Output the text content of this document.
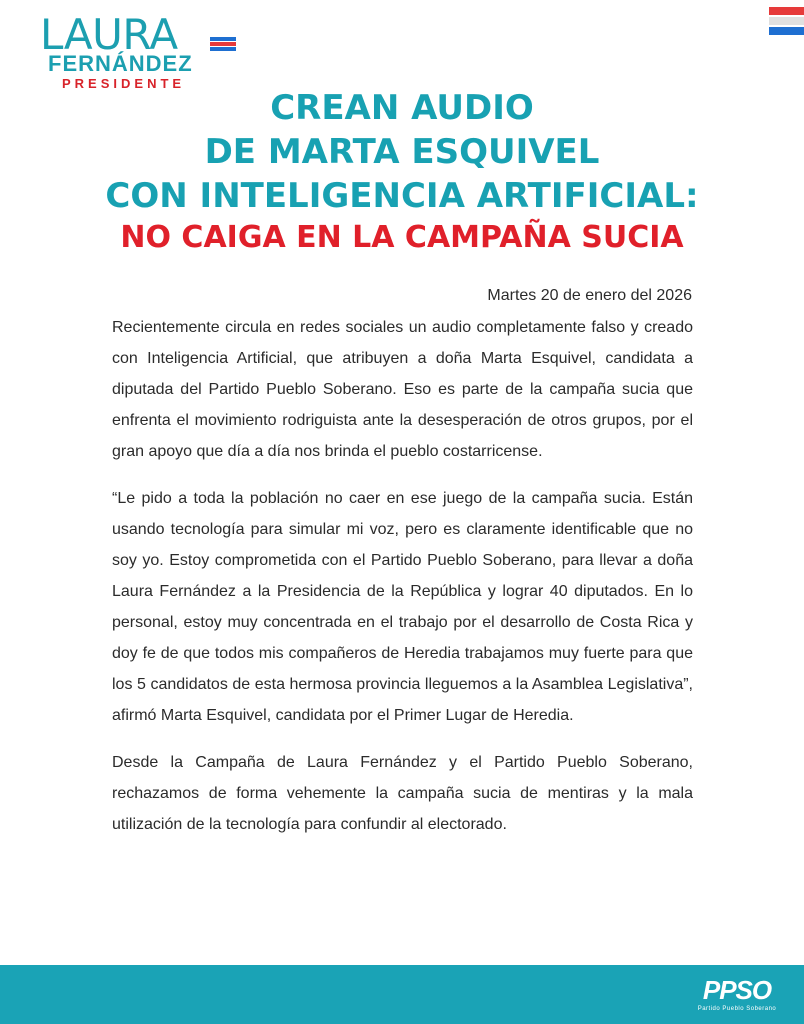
LAURA
FERNÁNDEZ
PRESIDENTE

CREAN AUDIO

DE MARTA ESQUIVEL

CON INTELIGENCIA ARTIFICIAL:

NO CAIGA EN LA CAMPAÑA SUCIA

Martes 20 de enero del 2026

Recientemente circula en redes sociales un audio completamente falso y creado con Inteligencia Artificial, que atribuyen a doña Marta Esquivel, candidata a diputada del Partido Pueblo Soberano. Eso es parte de la campaña sucia que enfrenta el movimiento rodriguista ante la desesperación de otros grupos, por el gran apoyo que día a día nos brinda el pueblo costarricense.

“Le pido a toda la población no caer en ese juego de la campaña sucia. Están usando tecnología para simular mi voz, pero es claramente identificable que no soy yo. Estoy comprometida con el Partido Pueblo Soberano, para llevar a doña Laura Fernández a la Presidencia de la República y lograr 40 diputados. En lo personal, estoy muy concentrada en el trabajo por el desarrollo de Costa Rica y doy fe de que todos mis compañeros de Heredia trabajamos muy fuerte para que los 5 candidatos de esta hermosa provincia lleguemos a la Asamblea Legislativa”, afirmó Marta Esquivel, candidata por el Primer Lugar de Heredia.

Desde la Campaña de Laura Fernández y el Partido Pueblo Soberano, rechazamos de forma vehemente la campaña sucia de mentiras y la mala utilización de la tecnología para confundir al electorado.

PPSO
Partido Pueblo Soberano
